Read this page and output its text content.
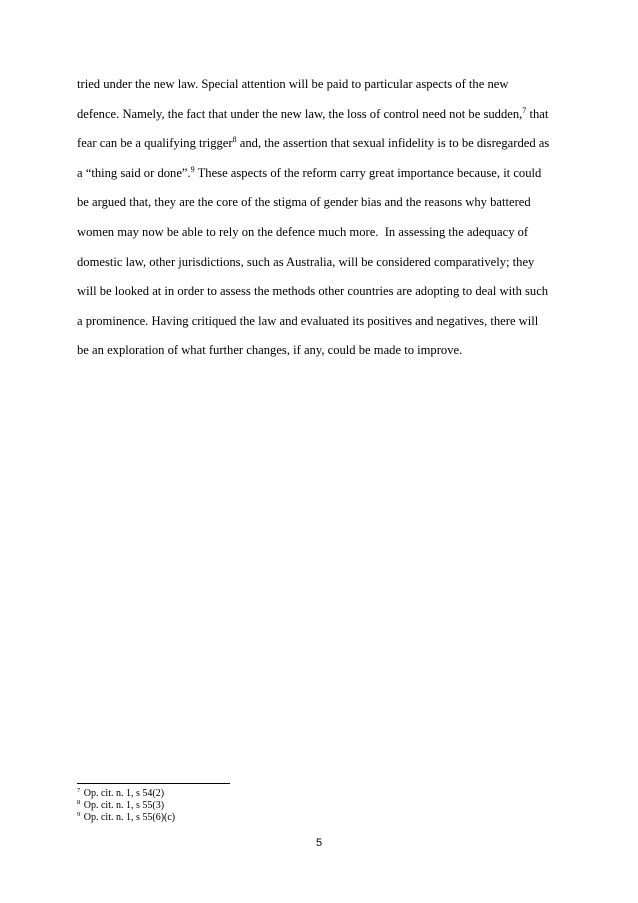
tried under the new law. Special attention will be paid to particular aspects of the new
defence. Namely, the fact that under the new law, the loss of control need not be sudden,$^7$ that
fear can be a qualifying trigger$^8$ and, the assertion that sexual infidelity is to be disregarded as
a “thing said or done”.$^9$ These aspects of the reform carry great importance because, it could
be argued that, they are the core of the stigma of gender bias and the reasons why battered
women may now be able to rely on the defence much more.  In assessing the adequacy of
domestic law, other jurisdictions, such as Australia, will be considered comparatively; they
will be looked at in order to assess the methods other countries are adopting to deal with such
a prominence. Having critiqued the law and evaluated its positives and negatives, there will
be an exploration of what further changes, if any, could be made to improve.
$^7$ Op. cit. n. 1, s 54(2)
$^8$ Op. cit. n. 1, s 55(3)
$^9$ Op. cit. n. 1, s 55(6)(c)
5
